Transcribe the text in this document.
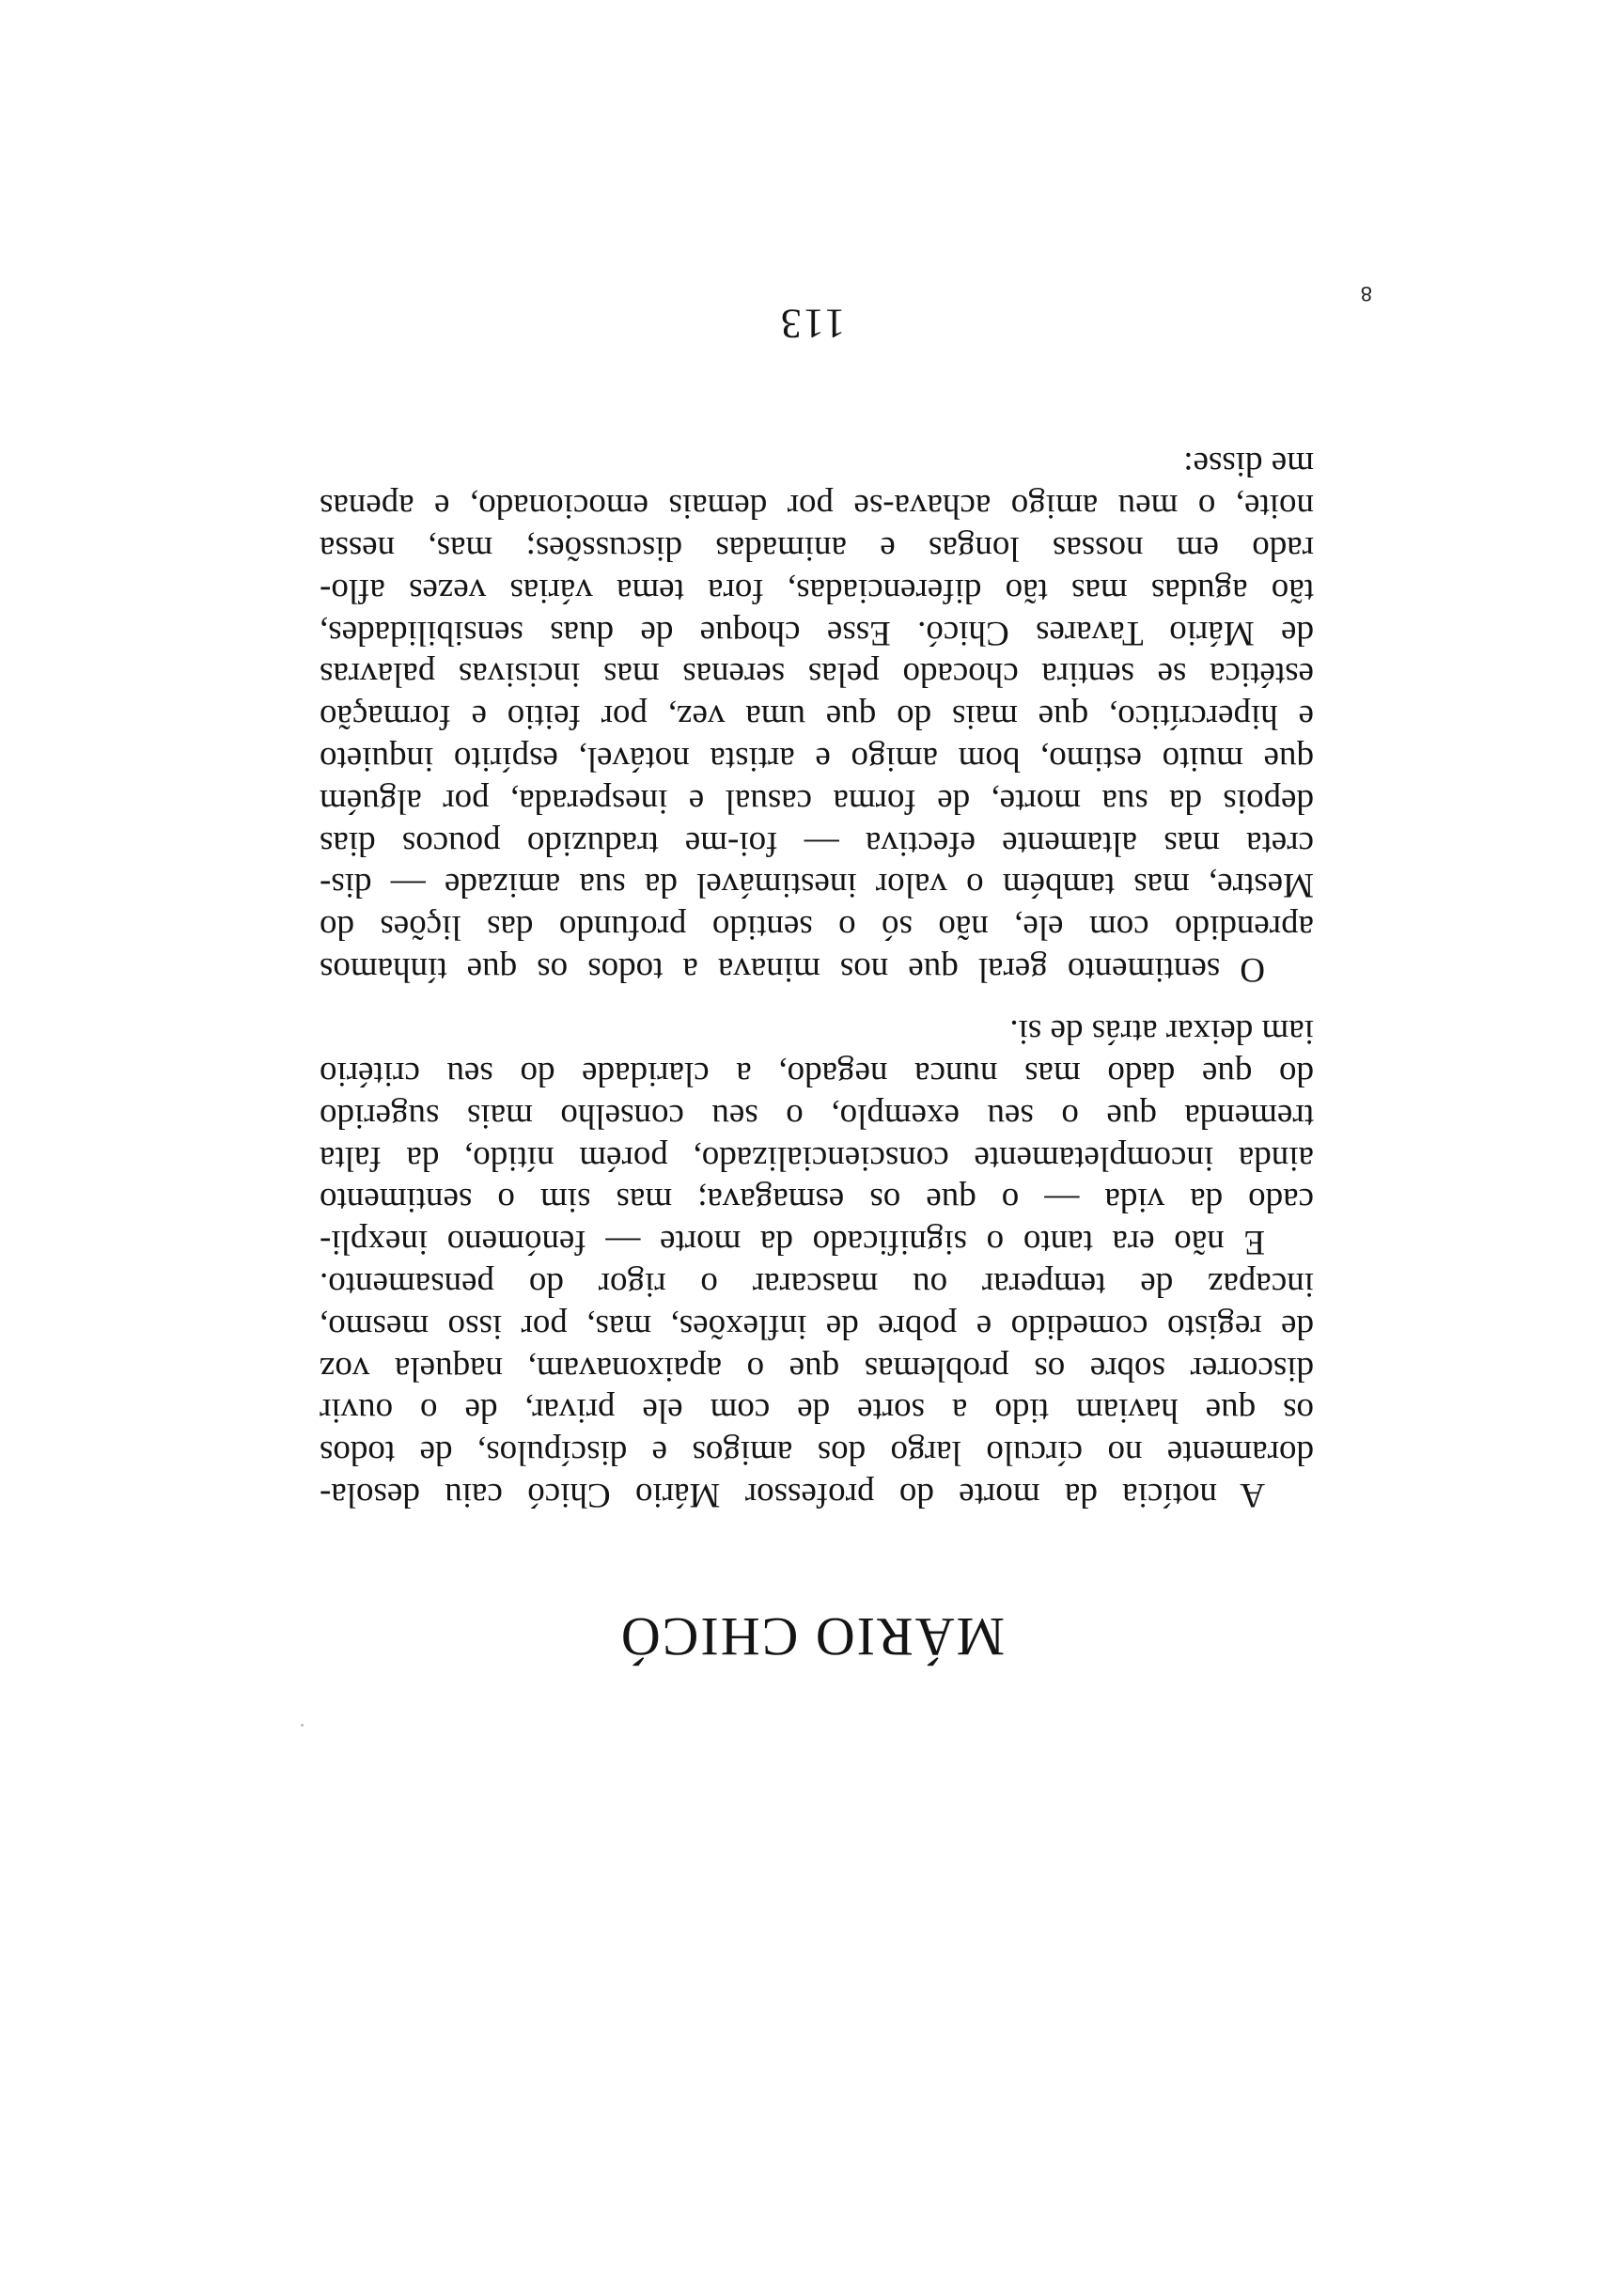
8
113
MÁRIO CHICÓ
A notícia da morte do professor Mário Chicó caiu desola-
doramente no círculo largo dos amigos e discípulos, de todos
os que haviam tido a sorte de com ele privar, de o ouvir
discorrer sobre os problemas que o apaixonavam, naquela voz
de registo comedido e pobre de inflexões, mas, por isso mesmo,
incapaz de temperar ou mascarar o rigor do pensamento.
E não era tanto o significado da morte — fenómeno inexpli-
cado da vida — o que os esmagava; mas sim o sentimento
ainda incompletamente consciencializado, porém nítido, da falta
tremenda que o seu exemplo, o seu conselho mais sugerido
do que dado mas nunca negado, a claridade do seu critério
iam deixar atrás de si.
O sentimento geral que nos minava a todos os que tínhamos
aprendido com ele, não só o sentido profundo das lições do
Mestre, mas também o valor inestimável da sua amizade — dis-
creta mas altamente efectiva — foi-me traduzido poucos dias
depois da sua morte, de forma casual e inesperada, por alguém
que muito estimo, bom amigo e artista notável, espírito inquieto
e hipercrítico, que mais do que uma vez, por feitio e formação
estética se sentira chocado pelas serenas mas incisivas palavras
de Mário Tavares Chicó. Esse choque de duas sensibilidades,
tão agudas mas tão diferenciadas, fora tema várias vezes aflo-
rado em nossas longas e animadas discussões; mas, nessa
noite, o meu amigo achava-se por demais emocionado, e apenas
me disse:
